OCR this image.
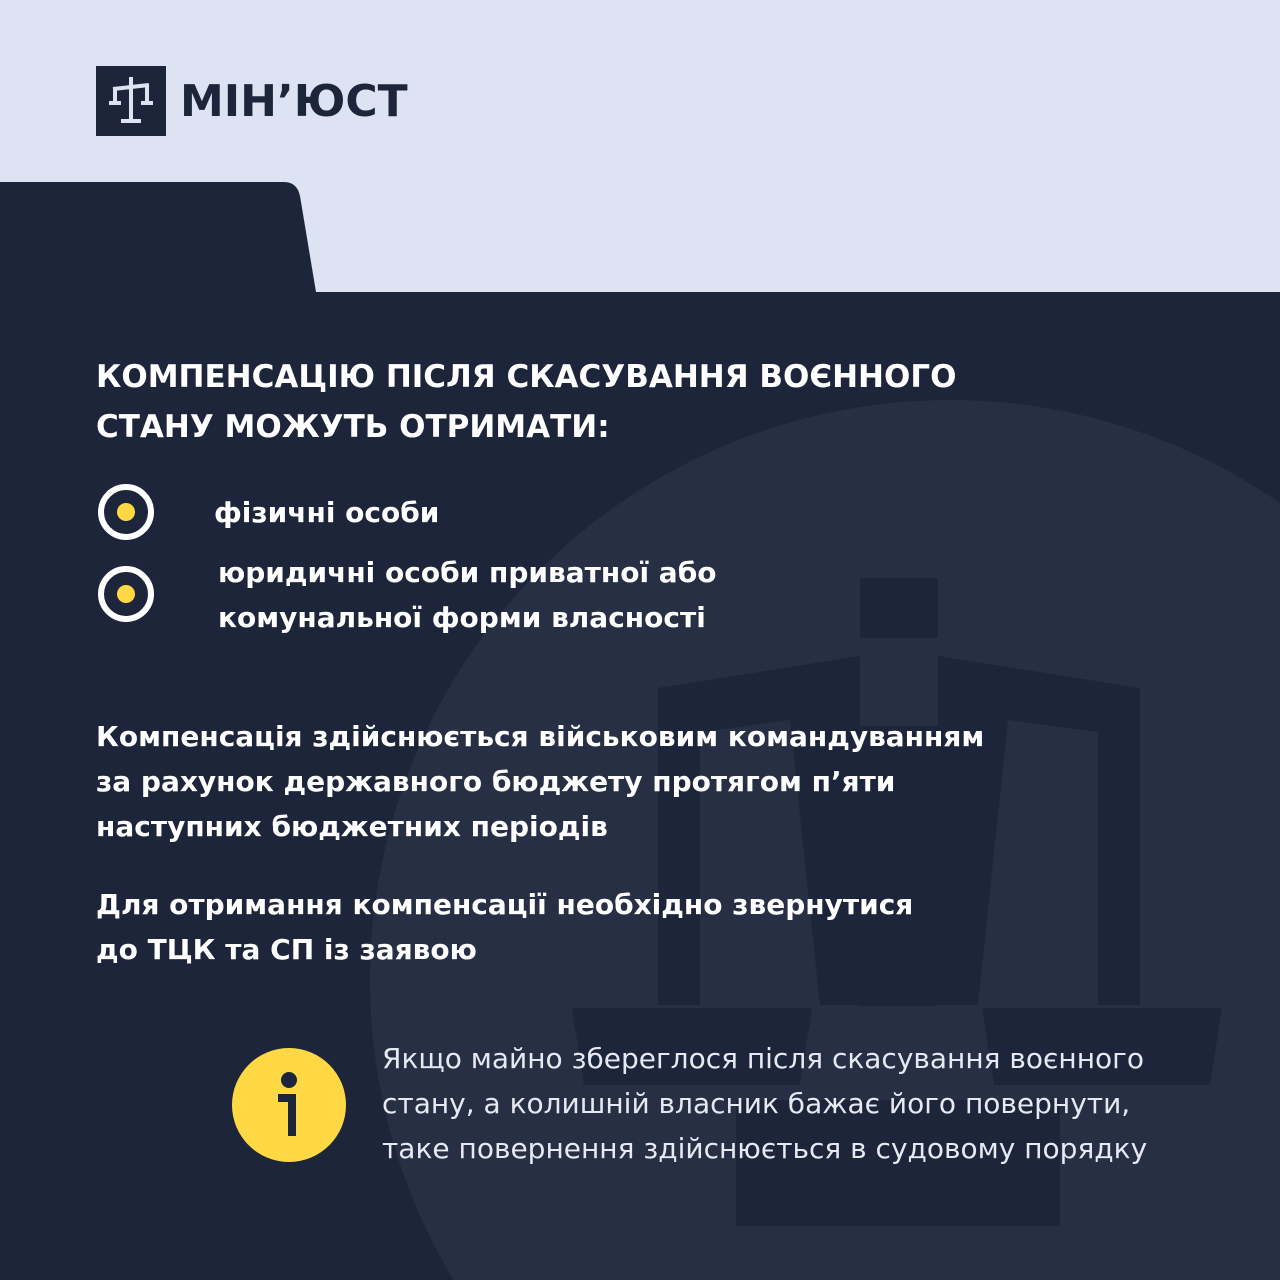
МІН’ЮСТ
КОМПЕНСАЦІЮ ПІСЛЯ СКАСУВАННЯ ВОЄННОГО
СТАНУ МОЖУТЬ ОТРИМАТИ:
фізичні особи
юридичні особи приватної або
комунальної форми власності
Компенсація здійснюється військовим командуванням
за рахунок державного бюджету протягом п’яти
наступних бюджетних періодів
Для отримання компенсації необхідно звернутися
до ТЦК та СП із заявою
Якщо майно збереглося після скасування воєнного
стану, а колишній власник бажає його повернути,
таке повернення здійснюється в судовому порядку
